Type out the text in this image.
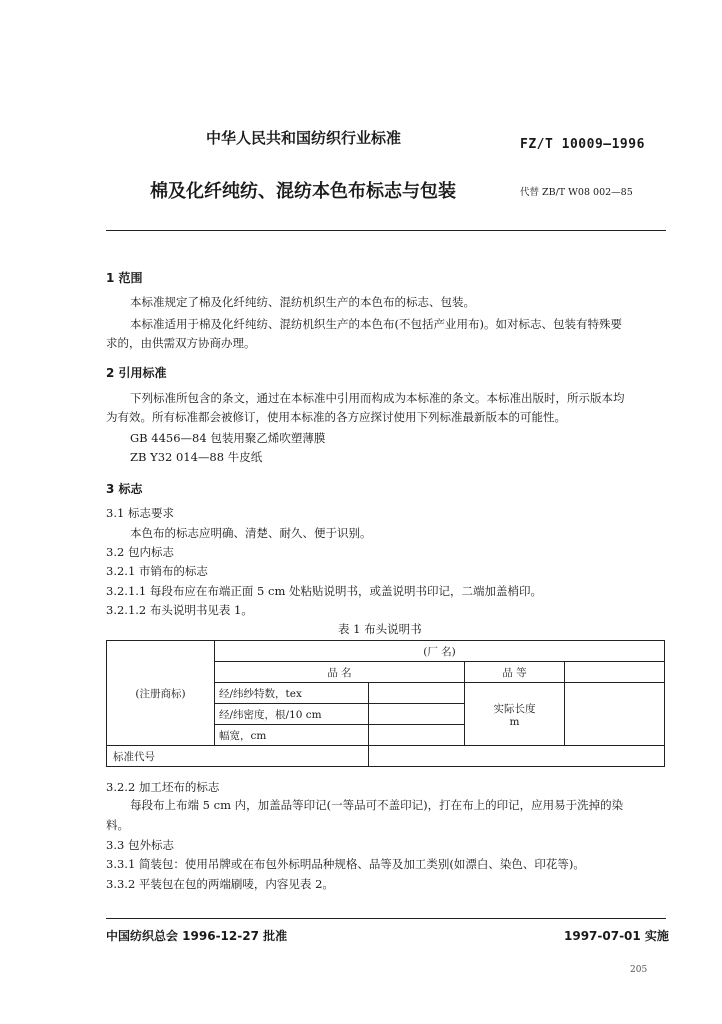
中华人民共和国纺织行业标准	FZ/T 10009—1996
棉及化纤纯纺、混纺本色布标志与包装	代替 ZB/T W08 002—85
1 范围
本标准规定了棉及化纤纯纺、混纺机织生产的本色布的标志、包装。
本标准适用于棉及化纤纯纺、混纺机织生产的本色布(不包括产业用布)。如对标志、包装有特殊要
求的，由供需双方协商办理。
2 引用标准
下列标准所包含的条文，通过在本标准中引用而构成为本标准的条文。本标准出版时，所示版本均
为有效。所有标准都会被修订，使用本标准的各方应探讨使用下列标准最新版本的可能性。
GB 4456—84 包装用聚乙烯吹塑薄膜
ZB Y32 014—88 牛皮纸
3 标志
3.1 标志要求
本色布的标志应明确、清楚、耐久、便于识别。
3.2 包内标志
3.2.1 市销布的标志
3.2.1.1 每段布应在布端正面 5 cm 处粘贴说明书，或盖说明书印记，二端加盖梢印。
3.2.1.2 布头说明书见表 1。
表 1 布头说明书
(注册商标)	(厂 名)			
	品 名		品 等	
	经/纬纱特数，tex		实际长度
m	
	经/纬密度，根/10 cm			
	幅宽，cm			
标准代号				
3.2.2 加工坯布的标志
每段布上布端 5 cm 内，加盖品等印记(一等品可不盖印记)，打在布上的印记，应用易于洗掉的染
料。
3.3 包外标志
3.3.1 简装包：使用吊牌或在布包外标明品种规格、品等及加工类别(如漂白、染色、印花等)。
3.3.2 平装包在包的两端刷唛，内容见表 2。
中国纺织总会 1996-12-27 批准	1997-07-01 实施
205
